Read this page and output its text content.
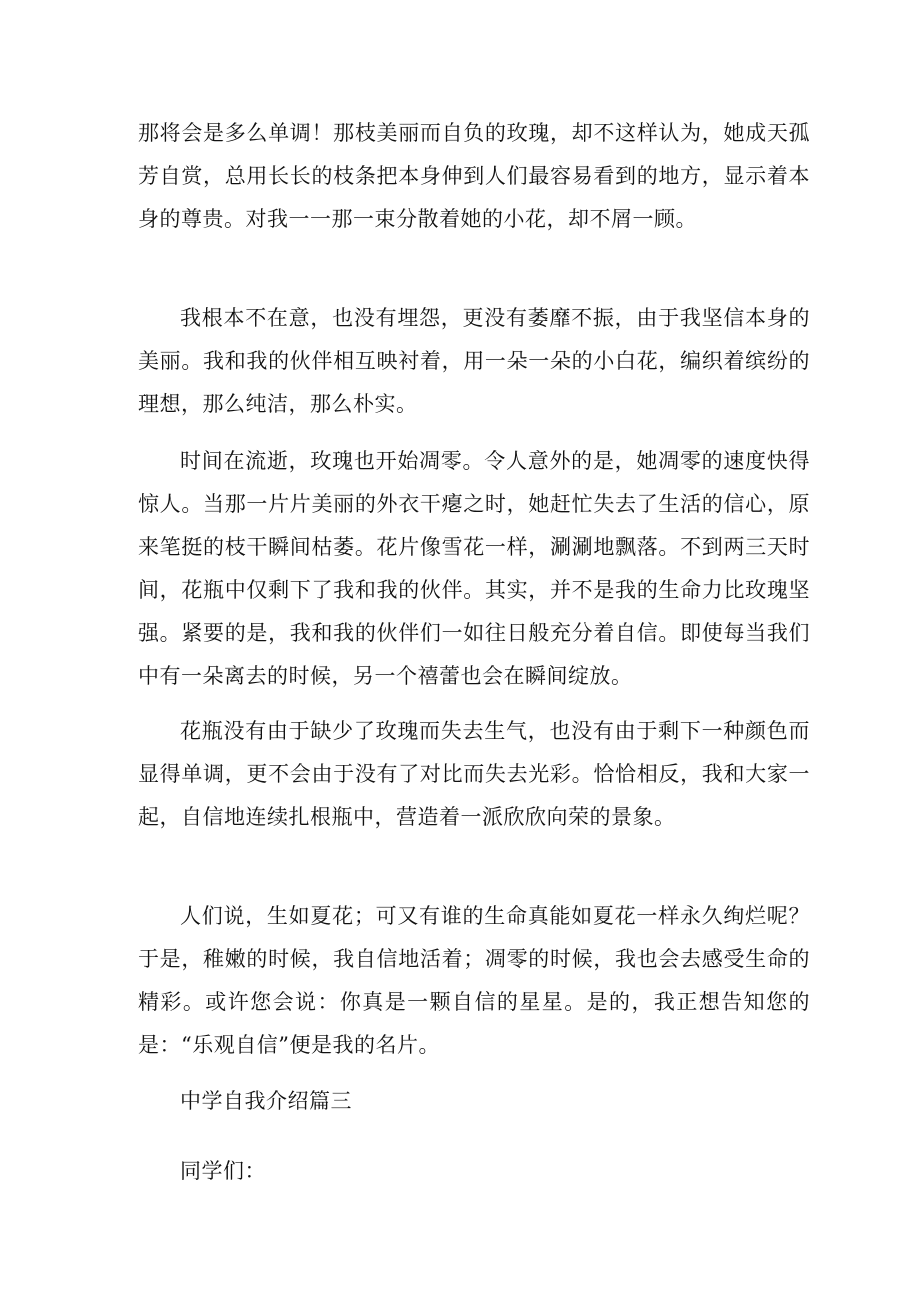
那将会是多么单调！那枝美丽而自负的玫瑰，却不这样认为，她成天孤芳自赏，总用长长的枝条把本身伸到人们最容易看到的地方，显示着本身的尊贵。对我一一那一束分散着她的小花，却不屑一顾。

我根本不在意，也没有埋怨，更没有萎靡不振，由于我坚信本身的美丽。我和我的伙伴相互映衬着，用一朵一朵的小白花，编织着缤纷的理想，那么纯洁，那么朴实。

时间在流逝，玫瑰也开始凋零。令人意外的是，她凋零的速度快得惊人。当那一片片美丽的外衣干瘪之时，她赶忙失去了生活的信心，原来笔挺的枝干瞬间枯萎。花片像雪花一样，涮涮地飘落。不到两三天时间，花瓶中仅剩下了我和我的伙伴。其实，并不是我的生命力比玫瑰坚强。紧要的是，我和我的伙伴们一如往日般充分着自信。即使每当我们中有一朵离去的时候，另一个禧蕾也会在瞬间绽放。

花瓶没有由于缺少了玫瑰而失去生气，也没有由于剩下一种颜色而显得单调，更不会由于没有了对比而失去光彩。恰恰相反，我和大家一起，自信地连续扎根瓶中，营造着一派欣欣向荣的景象。

人们说，生如夏花；可又有谁的生命真能如夏花一样永久绚烂呢？于是，稚嫩的时候，我自信地活着；凋零的时候，我也会去感受生命的精彩。或许您会说：你真是一颗自信的星星。是的，我正想告知您的是：“乐观自信”便是我的名片。

中学自我介绍篇三

同学们：
